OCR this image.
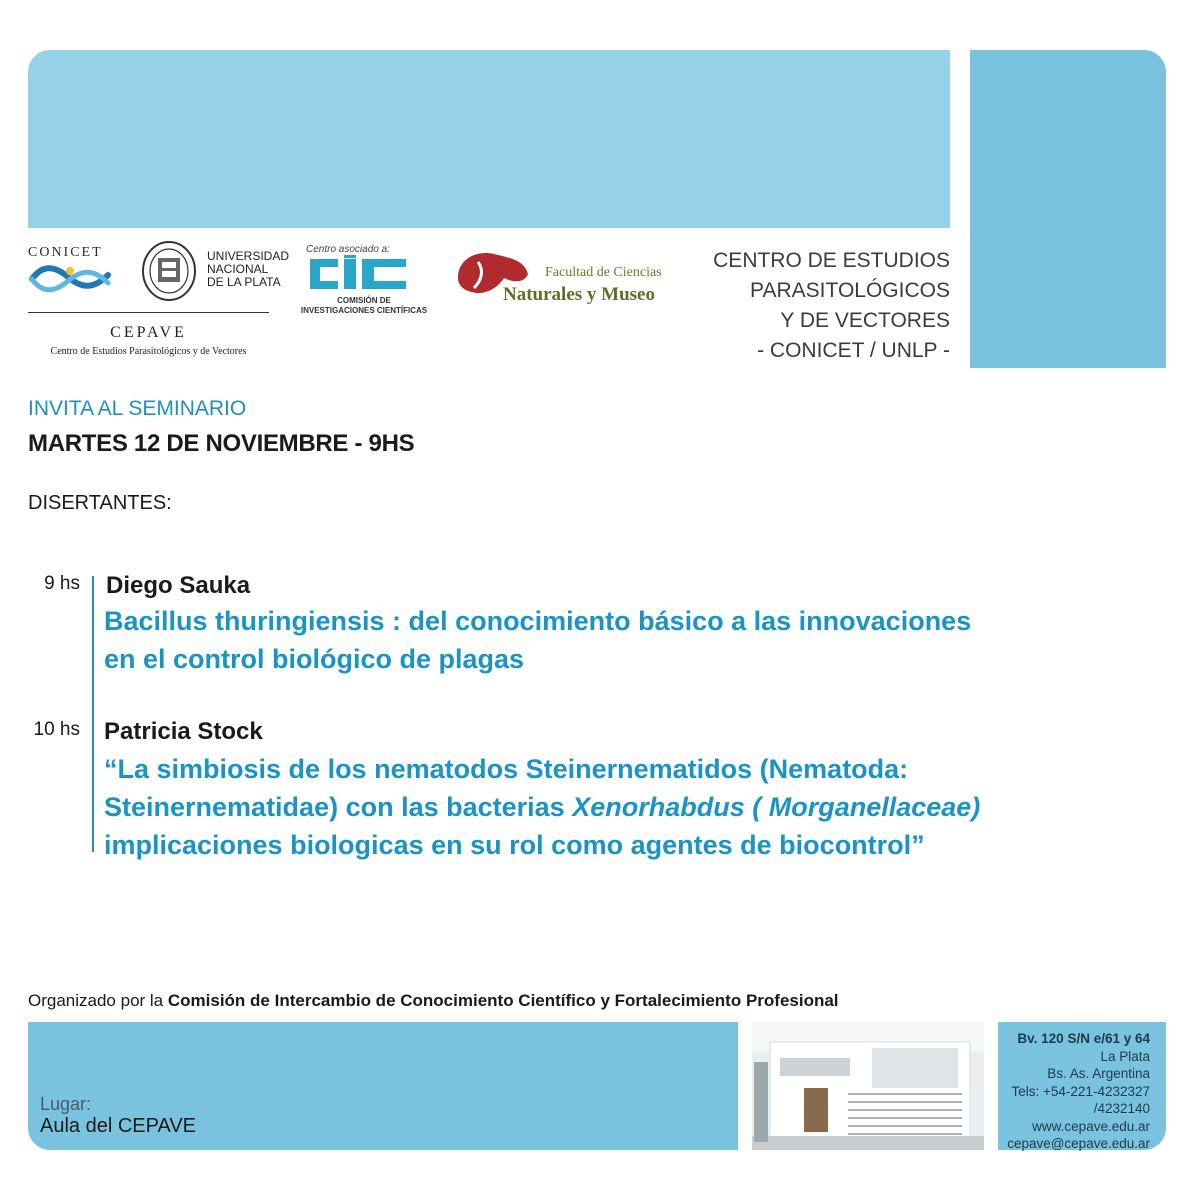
CONICET	UNIVERSIDAD
NACIONAL
DE LA PLATA
CEPAVE
Centro de Estudios Parasitológicos y de Vectores
Centro asociado a:
COMISIÓN DE
INVESTIGACIONES CIENTÍFICAS
Facultad de Ciencias
Naturales y Museo
CENTRO DE ESTUDIOS
PARASITOLÓGICOS
Y DE VECTORES
- CONICET / UNLP -
INVITA AL SEMINARIO
MARTES 12 DE NOVIEMBRE - 9HS
DISERTANTES:
9 hs Diego Sauka
Bacillus thuringiensis : del conocimiento básico a las innovaciones
en el control biológico de plagas
10 hs Patricia Stock
“La simbiosis de los nematodos Steinernematidos (Nematoda:
Steinernematidae) con las bacterias Xenorhabdus ( Morganellaceae)
implicaciones biologicas en su rol como agentes de biocontrol”
Organizado por la Comisión de Intercambio de Conocimiento Científico y Fortalecimiento Profesional
Lugar:
Aula del CEPAVE
Bv. 120 S/N e/61 y 64
La Plata
Bs. As. Argentina
Tels: +54-221-4232327
/4232140
www.cepave.edu.ar
cepave@cepave.edu.ar
